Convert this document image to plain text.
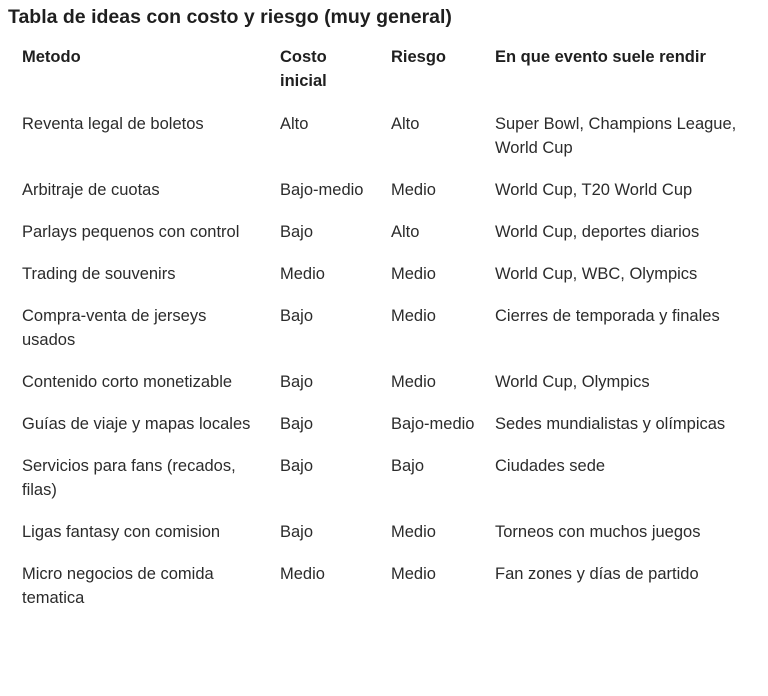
Tabla de ideas con costo y riesgo (muy general)
Metodo	Costo inicial	Riesgo	En que evento suele rendir
Reventa legal de boletos	Alto	Alto	Super Bowl, Champions League, World Cup
Arbitraje de cuotas	Bajo-medio	Medio	World Cup, T20 World Cup
Parlays pequenos con control	Bajo	Alto	World Cup, deportes diarios
Trading de souvenirs	Medio	Medio	World Cup, WBC, Olympics
Compra-venta de jerseys usados	Bajo	Medio	Cierres de temporada y finales
Contenido corto monetizable	Bajo	Medio	World Cup, Olympics
Guías de viaje y mapas locales	Bajo	Bajo-medio	Sedes mundialistas y olímpicas
Servicios para fans (recados, filas)	Bajo	Bajo	Ciudades sede
Ligas fantasy con comision	Bajo	Medio	Torneos con muchos juegos
Micro negocios de comida tematica	Medio	Medio	Fan zones y días de partido
